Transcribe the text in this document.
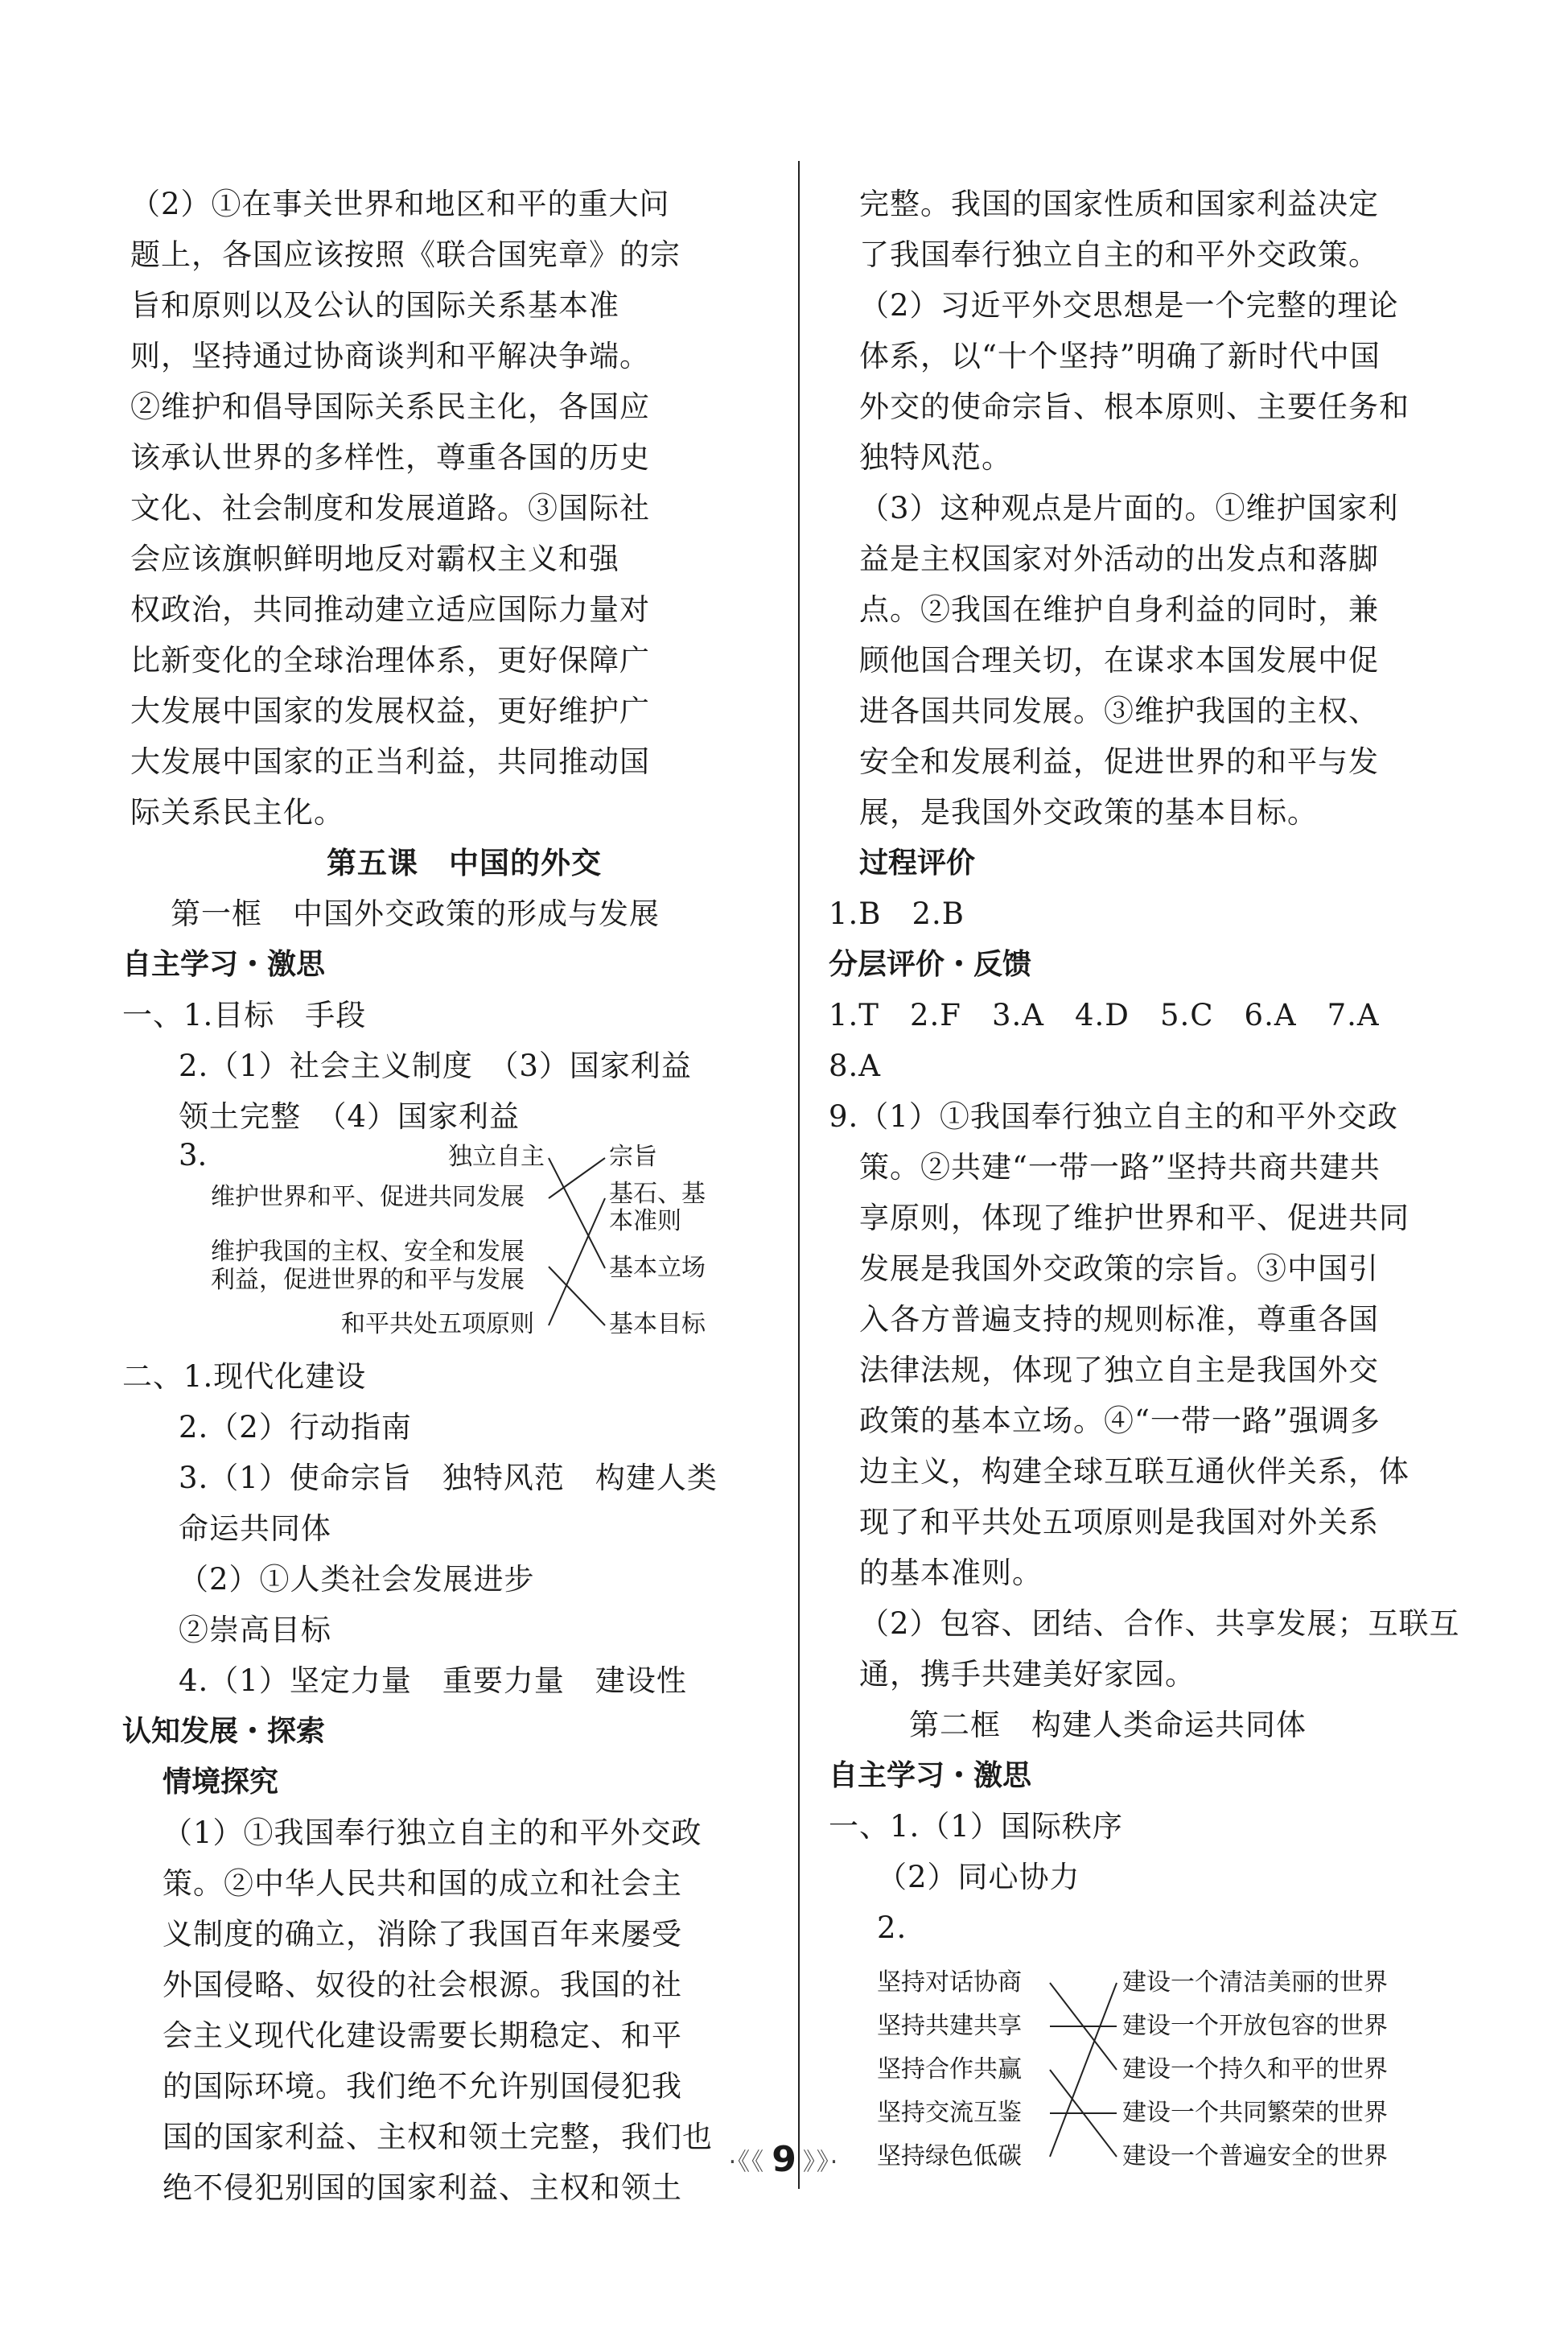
（2）①在事关世界和地区和平的重大问
题上，各国应该按照《联合国宪章》的宗
旨和原则以及公认的国际关系基本准
则，坚持通过协商谈判和平解决争端。
②维护和倡导国际关系民主化，各国应
该承认世界的多样性，尊重各国的历史
文化、社会制度和发展道路。③国际社
会应该旗帜鲜明地反对霸权主义和强
权政治，共同推动建立适应国际力量对
比新变化的全球治理体系，更好保障广
大发展中国家的发展权益，更好维护广
大发展中国家的正当利益，共同推动国
际关系民主化。
第五课　中国的外交
第一框　中国外交政策的形成与发展
自主学习・激思
一、1.目标　手段
2.（1）社会主义制度　（3）国家利益
领土完整　（4）国家利益
3.	独立自主
维护世界和平、促进共同发展
维护我国的主权、安全和发展
利益，促进世界的和平与发展
和平共处五项原则
宗旨
基石、基
本准则
基本立场
基本目标
二、1.现代化建设
2.（2）行动指南
3.（1）使命宗旨　独特风范　构建人类
命运共同体
（2）①人类社会发展进步
②崇高目标
4.（1）坚定力量　重要力量　建设性
认知发展・探索
情境探究
（1）①我国奉行独立自主的和平外交政
策。②中华人民共和国的成立和社会主
义制度的确立，消除了我国百年来屡受
外国侵略、奴役的社会根源。我国的社
会主义现代化建设需要长期稳定、和平
的国际环境。我们绝不允许别国侵犯我
国的国家利益、主权和领土完整，我们也
绝不侵犯别国的国家利益、主权和领土
完整。我国的国家性质和国家利益决定
了我国奉行独立自主的和平外交政策。
（2）习近平外交思想是一个完整的理论
体系，以“十个坚持”明确了新时代中国
外交的使命宗旨、根本原则、主要任务和
独特风范。
（3）这种观点是片面的。①维护国家利
益是主权国家对外活动的出发点和落脚
点。②我国在维护自身利益的同时，兼
顾他国合理关切，在谋求本国发展中促
进各国共同发展。③维护我国的主权、
安全和发展利益，促进世界的和平与发
展，是我国外交政策的基本目标。
过程评价
1.B　2.B
分层评价・反馈
1.T　2.F　3.A　4.D　5.C　6.A　7.A
8.A
9.（1）①我国奉行独立自主的和平外交政
策。②共建“一带一路”坚持共商共建共
享原则，体现了维护世界和平、促进共同
发展是我国外交政策的宗旨。③中国引
入各方普遍支持的规则标准，尊重各国
法律法规，体现了独立自主是我国外交
政策的基本立场。④“一带一路”强调多
边主义，构建全球互联互通伙伴关系，体
现了和平共处五项原则是我国对外关系
的基本准则。
（2）包容、团结、合作、共享发展；互联互
通，携手共建美好家园。
第二框　构建人类命运共同体
自主学习・激思
一、1.（1）国际秩序
（2）同心协力
2.
坚持对话协商
坚持共建共享
坚持合作共赢
坚持交流互鉴
坚持绿色低碳
建设一个清洁美丽的世界
建设一个开放包容的世界
建设一个持久和平的世界
建设一个共同繁荣的世界
建设一个普遍安全的世界
·《《 9 》》·
